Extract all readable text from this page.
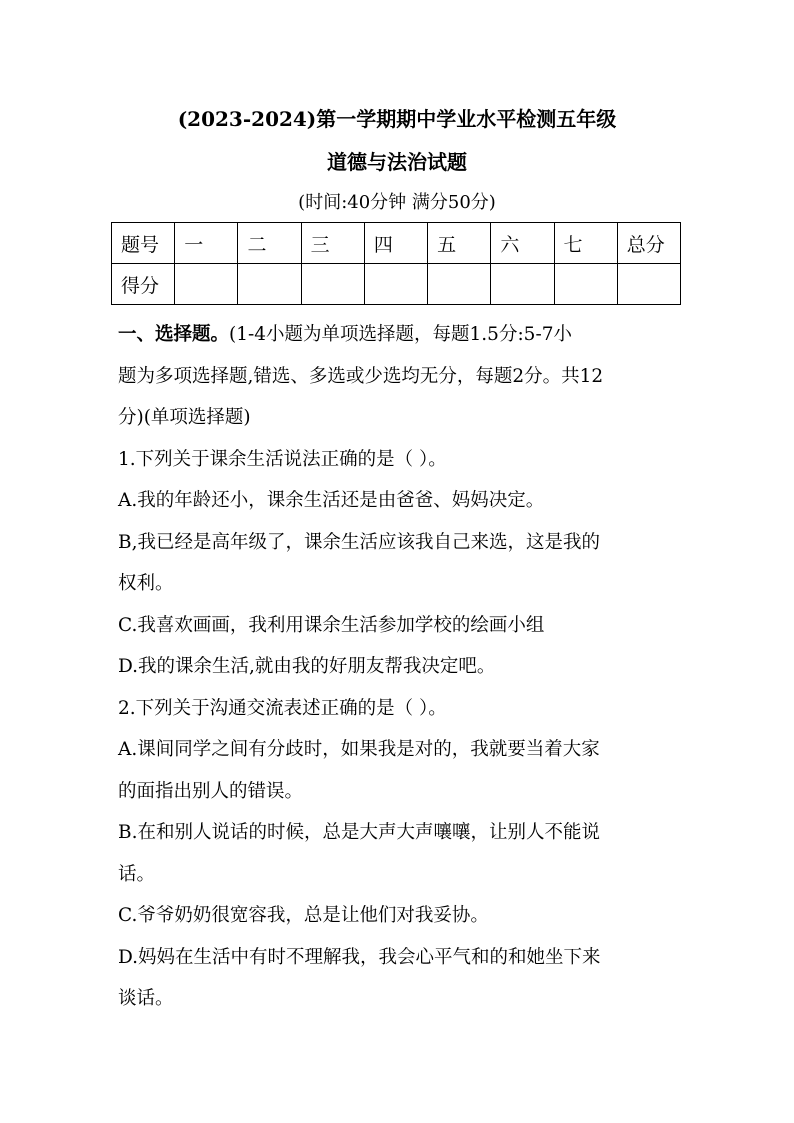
(2023-2024)第一学期期中学业水平检测五年级
道德与法治试题
(时间:40分钟 满分50分)
题号	一	二	三	四	五	六	七	总分
得分								

一、选择题。(1-4小题为单项选择题，每题1.5分:5-7小

题为多项选择题,错选、多选或少选均无分，每题2分。共12

分)(单项选择题)

1.下列关于课余生活说法正确的是（ ）。

A.我的年龄还小，课余生活还是由爸爸、妈妈决定。

B,我已经是高年级了，课余生活应该我自己来选，这是我的

权利。

C.我喜欢画画，我利用课余生活参加学校的绘画小组

D.我的课余生活,就由我的好朋友帮我决定吧。

2.下列关于沟通交流表述正确的是（ ）。

A.课间同学之间有分歧时，如果我是对的，我就要当着大家

的面指出别人的错误。

B.在和别人说话的时候，总是大声大声嚷嚷，让别人不能说

话。

C.爷爷奶奶很宽容我，总是让他们对我妥协。

D.妈妈在生活中有时不理解我，我会心平气和的和她坐下来

谈话。
